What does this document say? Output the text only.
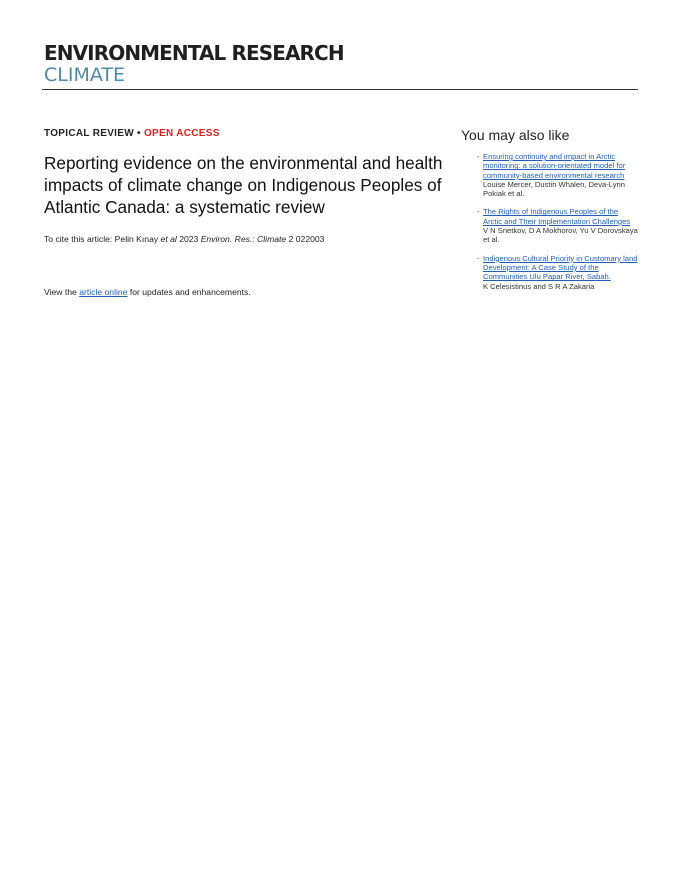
ENVIRONMENTAL RESEARCH
CLIMATE
TOPICAL REVIEW • OPEN ACCESS
Reporting evidence on the environmental and health impacts of climate change on Indigenous Peoples of Atlantic Canada: a systematic review
To cite this article: Pelin Kınay et al 2023 Environ. Res.: Climate 2 022003
View the article online for updates and enhancements.
You may also like
- Ensuring continuity and impact in Arctic monitoring: a solution-orientated model for community-based environmental research
Louise Mercer, Dustin Whalen, Deva-Lynn Pokiak et al.
- The Rights of Indigenous Peoples of the Arctic and Their Implementation Challenges
V N Snetkov, D A Mokhorov, Yu V Dorovskaya et al.
- Indigenous Cultural Priority in Customary land Development: A Case Study of the Communities Ulu Papar River, Sabah.
K Celesistinus and S R A Zakaria
